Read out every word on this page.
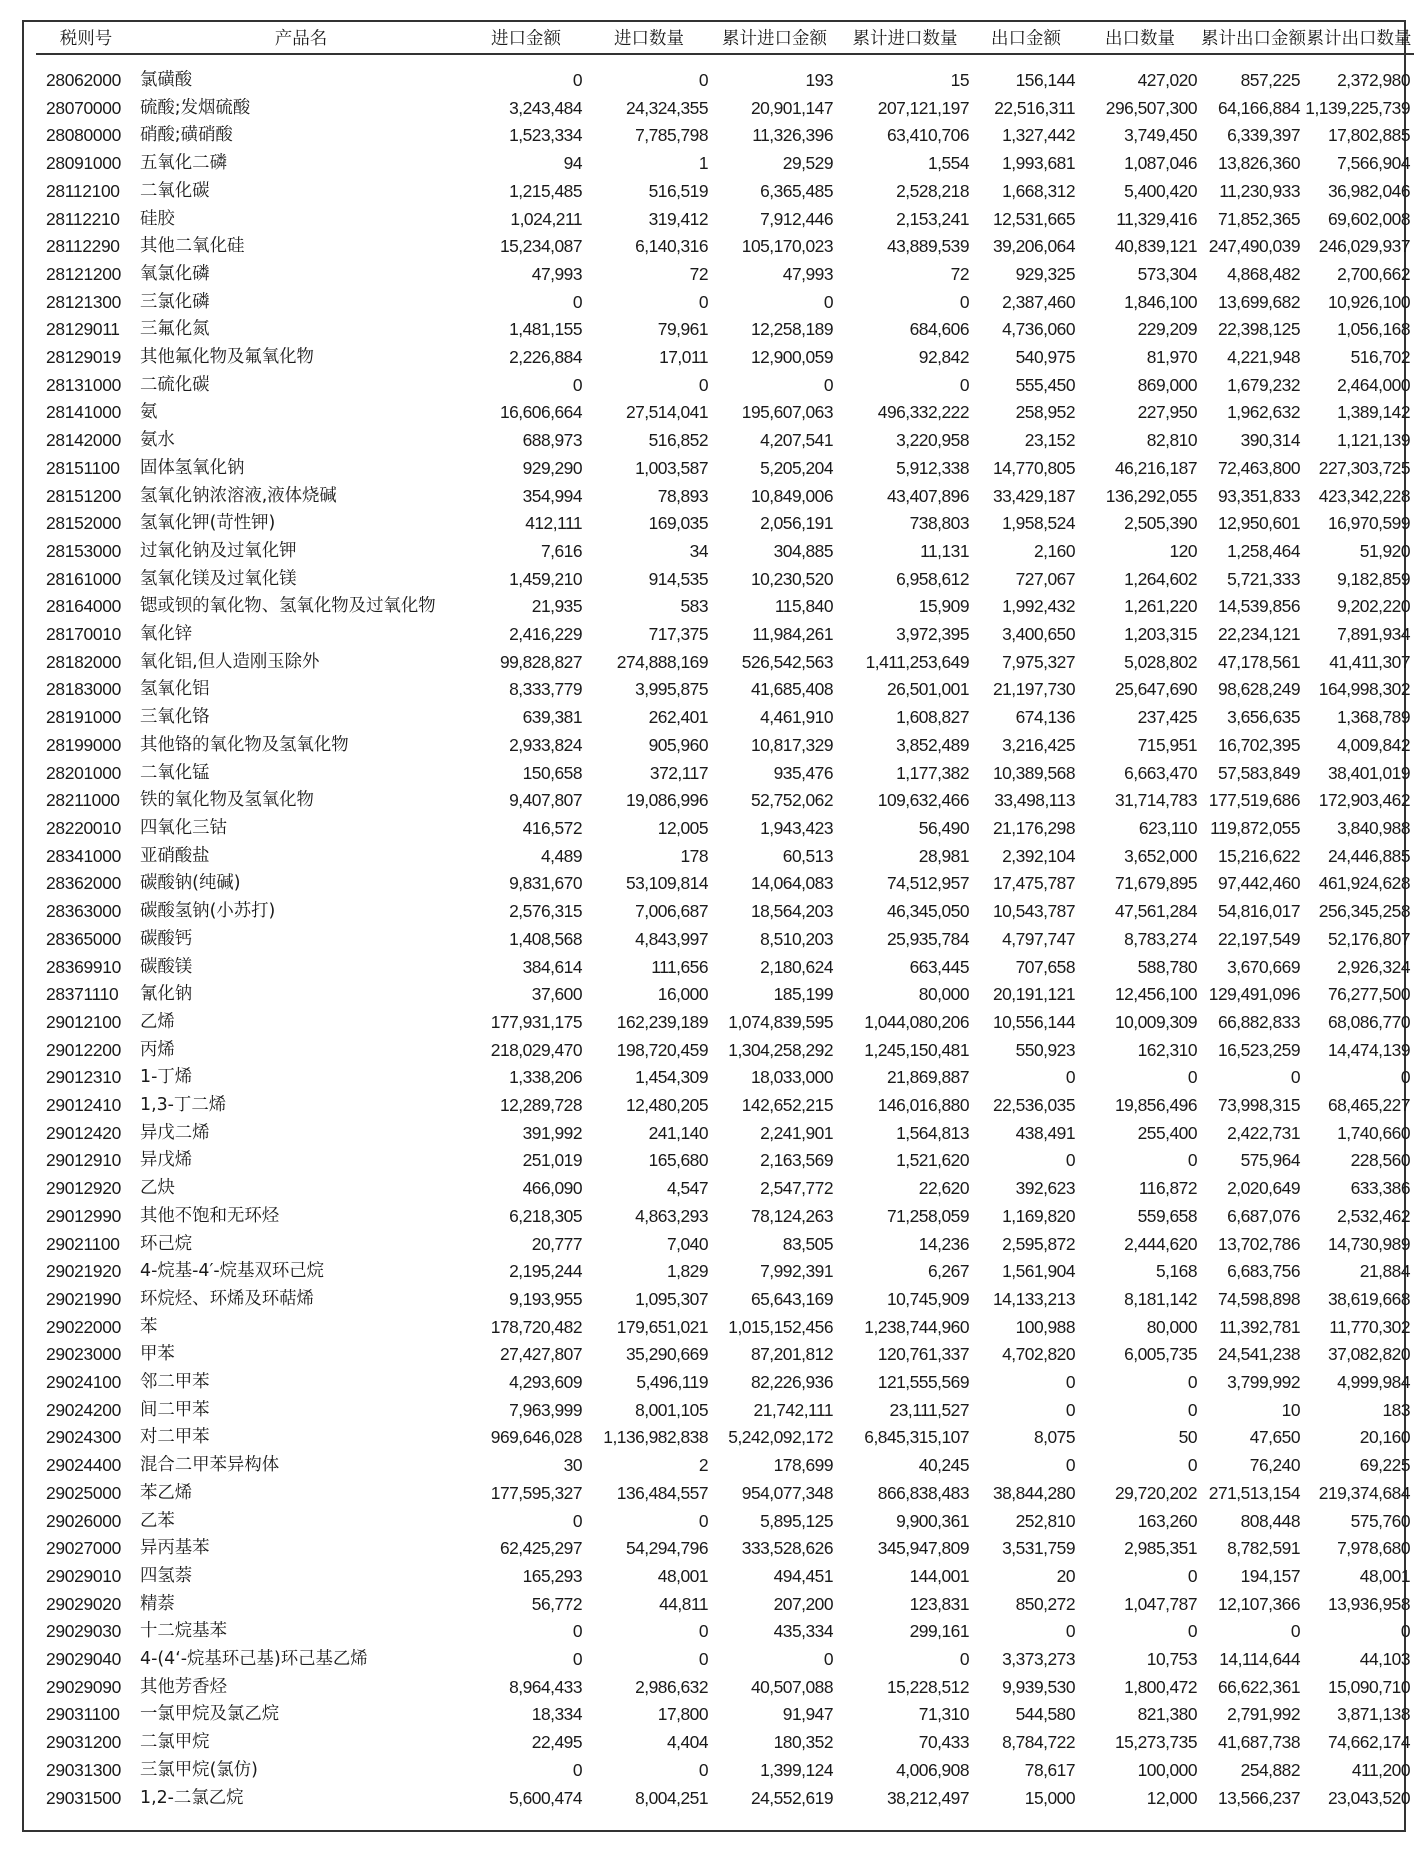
税则号	产品名	进口金额	进口数量	累计进口金额	累计进口数量	出口金额	出口数量	累计出口金额	累计出口数量

28062000	氯磺酸	0	0	193	15	156,144	427,020	857,225	2,372,980
28070000	硫酸;发烟硫酸	3,243,484	24,324,355	20,901,147	207,121,197	22,516,311	296,507,300	64,166,884	1,139,225,739
28080000	硝酸;磺硝酸	1,523,334	7,785,798	11,326,396	63,410,706	1,327,442	3,749,450	6,339,397	17,802,885
28091000	五氧化二磷	94	1	29,529	1,554	1,993,681	1,087,046	13,826,360	7,566,904
28112100	二氧化碳	1,215,485	516,519	6,365,485	2,528,218	1,668,312	5,400,420	11,230,933	36,982,046
28112210	硅胶	1,024,211	319,412	7,912,446	2,153,241	12,531,665	11,329,416	71,852,365	69,602,008
28112290	其他二氧化硅	15,234,087	6,140,316	105,170,023	43,889,539	39,206,064	40,839,121	247,490,039	246,029,937
28121200	氧氯化磷	47,993	72	47,993	72	929,325	573,304	4,868,482	2,700,662
28121300	三氯化磷	0	0	0	0	2,387,460	1,846,100	13,699,682	10,926,100
28129011	三氟化氮	1,481,155	79,961	12,258,189	684,606	4,736,060	229,209	22,398,125	1,056,168
28129019	其他氟化物及氟氧化物	2,226,884	17,011	12,900,059	92,842	540,975	81,970	4,221,948	516,702
28131000	二硫化碳	0	0	0	0	555,450	869,000	1,679,232	2,464,000
28141000	氨	16,606,664	27,514,041	195,607,063	496,332,222	258,952	227,950	1,962,632	1,389,142
28142000	氨水	688,973	516,852	4,207,541	3,220,958	23,152	82,810	390,314	1,121,139
28151100	固体氢氧化钠	929,290	1,003,587	5,205,204	5,912,338	14,770,805	46,216,187	72,463,800	227,303,725
28151200	氢氧化钠浓溶液,液体烧碱	354,994	78,893	10,849,006	43,407,896	33,429,187	136,292,055	93,351,833	423,342,228
28152000	氢氧化钾(苛性钾)	412,111	169,035	2,056,191	738,803	1,958,524	2,505,390	12,950,601	16,970,599
28153000	过氧化钠及过氧化钾	7,616	34	304,885	11,131	2,160	120	1,258,464	51,920
28161000	氢氧化镁及过氧化镁	1,459,210	914,535	10,230,520	6,958,612	727,067	1,264,602	5,721,333	9,182,859
28164000	锶或钡的氧化物、氢氧化物及过氧化物	21,935	583	115,840	15,909	1,992,432	1,261,220	14,539,856	9,202,220
28170010	氧化锌	2,416,229	717,375	11,984,261	3,972,395	3,400,650	1,203,315	22,234,121	7,891,934
28182000	氧化铝,但人造刚玉除外	99,828,827	274,888,169	526,542,563	1,411,253,649	7,975,327	5,028,802	47,178,561	41,411,307
28183000	氢氧化铝	8,333,779	3,995,875	41,685,408	26,501,001	21,197,730	25,647,690	98,628,249	164,998,302
28191000	三氧化铬	639,381	262,401	4,461,910	1,608,827	674,136	237,425	3,656,635	1,368,789
28199000	其他铬的氧化物及氢氧化物	2,933,824	905,960	10,817,329	3,852,489	3,216,425	715,951	16,702,395	4,009,842
28201000	二氧化锰	150,658	372,117	935,476	1,177,382	10,389,568	6,663,470	57,583,849	38,401,019
28211000	铁的氧化物及氢氧化物	9,407,807	19,086,996	52,752,062	109,632,466	33,498,113	31,714,783	177,519,686	172,903,462
28220010	四氧化三钴	416,572	12,005	1,943,423	56,490	21,176,298	623,110	119,872,055	3,840,988
28341000	亚硝酸盐	4,489	178	60,513	28,981	2,392,104	3,652,000	15,216,622	24,446,885
28362000	碳酸钠(纯碱)	9,831,670	53,109,814	14,064,083	74,512,957	17,475,787	71,679,895	97,442,460	461,924,628
28363000	碳酸氢钠(小苏打)	2,576,315	7,006,687	18,564,203	46,345,050	10,543,787	47,561,284	54,816,017	256,345,258
28365000	碳酸钙	1,408,568	4,843,997	8,510,203	25,935,784	4,797,747	8,783,274	22,197,549	52,176,807
28369910	碳酸镁	384,614	111,656	2,180,624	663,445	707,658	588,780	3,670,669	2,926,324
28371110	氰化钠	37,600	16,000	185,199	80,000	20,191,121	12,456,100	129,491,096	76,277,500
29012100	乙烯	177,931,175	162,239,189	1,074,839,595	1,044,080,206	10,556,144	10,009,309	66,882,833	68,086,770
29012200	丙烯	218,029,470	198,720,459	1,304,258,292	1,245,150,481	550,923	162,310	16,523,259	14,474,139
29012310	1-丁烯	1,338,206	1,454,309	18,033,000	21,869,887	0	0	0	0
29012410	1,3-丁二烯	12,289,728	12,480,205	142,652,215	146,016,880	22,536,035	19,856,496	73,998,315	68,465,227
29012420	异戊二烯	391,992	241,140	2,241,901	1,564,813	438,491	255,400	2,422,731	1,740,660
29012910	异戊烯	251,019	165,680	2,163,569	1,521,620	0	0	575,964	228,560
29012920	乙炔	466,090	4,547	2,547,772	22,620	392,623	116,872	2,020,649	633,386
29012990	其他不饱和无环烃	6,218,305	4,863,293	78,124,263	71,258,059	1,169,820	559,658	6,687,076	2,532,462
29021100	环己烷	20,777	7,040	83,505	14,236	2,595,872	2,444,620	13,702,786	14,730,989
29021920	4-烷基-4′-烷基双环己烷	2,195,244	1,829	7,992,391	6,267	1,561,904	5,168	6,683,756	21,884
29021990	环烷烃、环烯及环萜烯	9,193,955	1,095,307	65,643,169	10,745,909	14,133,213	8,181,142	74,598,898	38,619,668
29022000	苯	178,720,482	179,651,021	1,015,152,456	1,238,744,960	100,988	80,000	11,392,781	11,770,302
29023000	甲苯	27,427,807	35,290,669	87,201,812	120,761,337	4,702,820	6,005,735	24,541,238	37,082,820
29024100	邻二甲苯	4,293,609	5,496,119	82,226,936	121,555,569	0	0	3,799,992	4,999,984
29024200	间二甲苯	7,963,999	8,001,105	21,742,111	23,111,527	0	0	10	183
29024300	对二甲苯	969,646,028	1,136,982,838	5,242,092,172	6,845,315,107	8,075	50	47,650	20,160
29024400	混合二甲苯异构体	30	2	178,699	40,245	0	0	76,240	69,225
29025000	苯乙烯	177,595,327	136,484,557	954,077,348	866,838,483	38,844,280	29,720,202	271,513,154	219,374,684
29026000	乙苯	0	0	5,895,125	9,900,361	252,810	163,260	808,448	575,760
29027000	异丙基苯	62,425,297	54,294,796	333,528,626	345,947,809	3,531,759	2,985,351	8,782,591	7,978,680
29029010	四氢萘	165,293	48,001	494,451	144,001	20	0	194,157	48,001
29029020	精萘	56,772	44,811	207,200	123,831	850,272	1,047,787	12,107,366	13,936,958
29029030	十二烷基苯	0	0	435,334	299,161	0	0	0	0
29029040	4-(4‘-烷基环己基)环己基乙烯	0	0	0	0	3,373,273	10,753	14,114,644	44,103
29029090	其他芳香烃	8,964,433	2,986,632	40,507,088	15,228,512	9,939,530	1,800,472	66,622,361	15,090,710
29031100	一氯甲烷及氯乙烷	18,334	17,800	91,947	71,310	544,580	821,380	2,791,992	3,871,138
29031200	二氯甲烷	22,495	4,404	180,352	70,433	8,784,722	15,273,735	41,687,738	74,662,174
29031300	三氯甲烷(氯仿)	0	0	1,399,124	4,006,908	78,617	100,000	254,882	411,200
29031500	1,2-二氯乙烷	5,600,474	8,004,251	24,552,619	38,212,497	15,000	12,000	13,566,237	23,043,520
